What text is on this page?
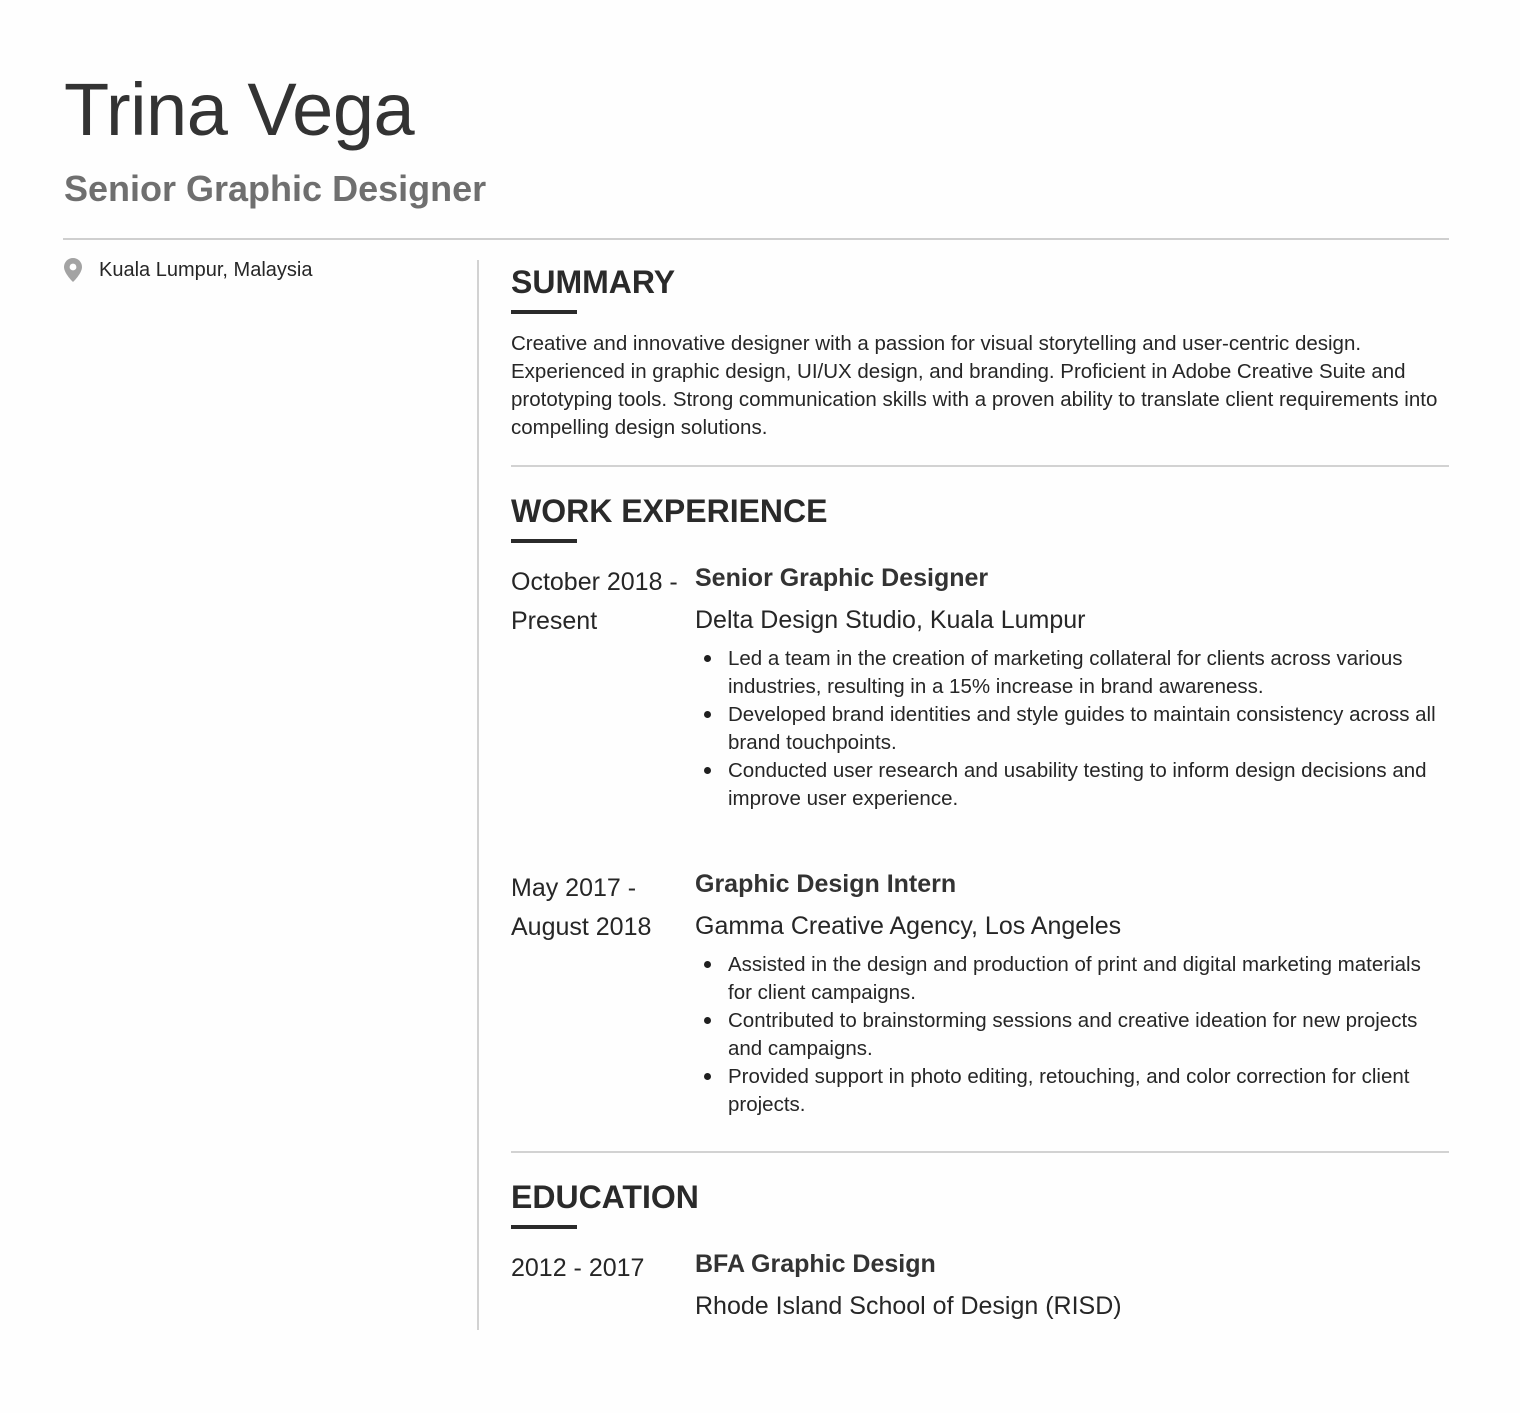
Trina Vega
Senior Graphic Designer
Kuala Lumpur, Malaysia	SUMMARY
Creative and innovative designer with a passion for visual storytelling and user-centric design. Experienced in graphic design, UI/UX design, and branding. Proficient in Adobe Creative Suite and prototyping tools. Strong communication skills with a proven ability to translate client requirements into compelling design solutions.
WORK EXPERIENCE
October 2018 - Present
Senior Graphic Designer
Delta Design Studio, Kuala Lumpur
Led a team in the creation of marketing collateral for clients across various industries, resulting in a 15% increase in brand awareness.
Developed brand identities and style guides to maintain consistency across all brand touchpoints.
Conducted user research and usability testing to inform design decisions and improve user experience.
May 2017 - August 2018
Graphic Design Intern
Gamma Creative Agency, Los Angeles
Assisted in the design and production of print and digital marketing materials for client campaigns.
Contributed to brainstorming sessions and creative ideation for new projects and campaigns.
Provided support in photo editing, retouching, and color correction for client projects.
EDUCATION
2012 - 2017	BFA Graphic Design
Rhode Island School of Design (RISD)
